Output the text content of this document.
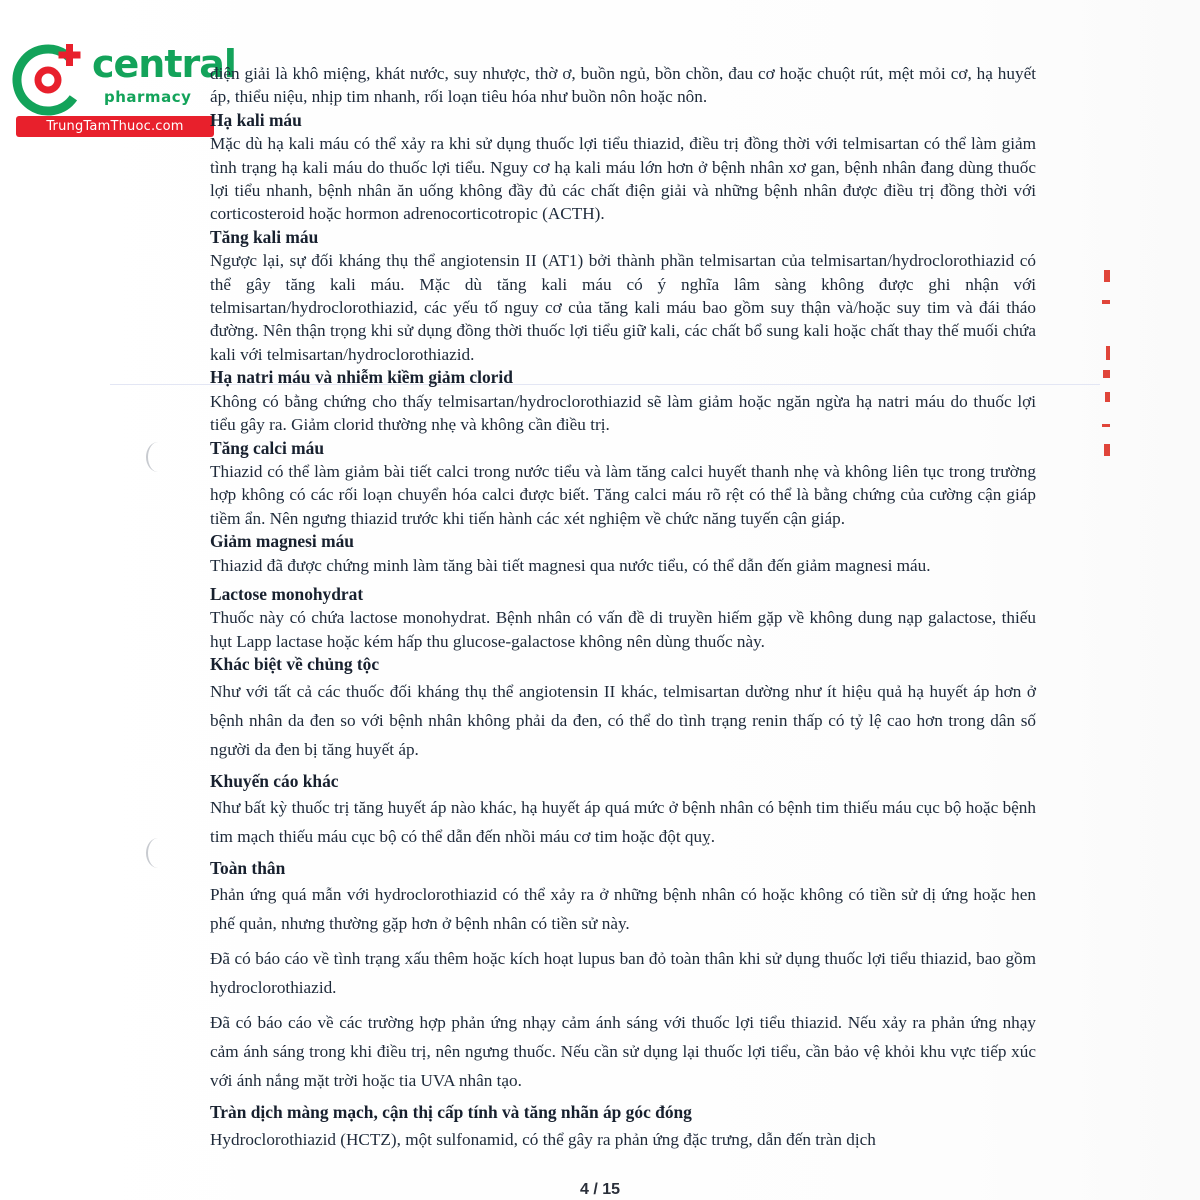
central
pharmacy
TrungTamThuoc.com

điện giải là khô miệng, khát nước, suy nhược, thờ ơ, buồn ngủ, bồn chồn, đau cơ hoặc chuột rút, mệt mỏi cơ, hạ huyết áp, thiểu niệu, nhịp tim nhanh, rối loạn tiêu hóa như buồn nôn hoặc nôn.

Hạ kali máu

Mặc dù hạ kali máu có thể xảy ra khi sử dụng thuốc lợi tiểu thiazid, điều trị đồng thời với telmisartan có thể làm giảm tình trạng hạ kali máu do thuốc lợi tiểu. Nguy cơ hạ kali máu lớn hơn ở bệnh nhân xơ gan, bệnh nhân đang dùng thuốc lợi tiểu nhanh, bệnh nhân ăn uống không đầy đủ các chất điện giải và những bệnh nhân được điều trị đồng thời với corticosteroid hoặc hormon adrenocorticotropic (ACTH).

Tăng kali máu

Ngược lại, sự đối kháng thụ thể angiotensin II (AT1) bởi thành phần telmisartan của telmisartan/hydroclorothiazid có thể gây tăng kali máu. Mặc dù tăng kali máu có ý nghĩa lâm sàng không được ghi nhận với telmisartan/hydroclorothiazid, các yếu tố nguy cơ của tăng kali máu bao gồm suy thận và/hoặc suy tim và đái tháo đường. Nên thận trọng khi sử dụng đồng thời thuốc lợi tiểu giữ kali, các chất bổ sung kali hoặc chất thay thế muối chứa kali với telmisartan/hydroclorothiazid.

Hạ natri máu và nhiễm kiềm giảm clorid

Không có bằng chứng cho thấy telmisartan/hydroclorothiazid sẽ làm giảm hoặc ngăn ngừa hạ natri máu do thuốc lợi tiểu gây ra. Giảm clorid thường nhẹ và không cần điều trị.

Tăng calci máu

Thiazid có thể làm giảm bài tiết calci trong nước tiểu và làm tăng calci huyết thanh nhẹ và không liên tục trong trường hợp không có các rối loạn chuyển hóa calci được biết. Tăng calci máu rõ rệt có thể là bằng chứng của cường cận giáp tiềm ẩn. Nên ngưng thiazid trước khi tiến hành các xét nghiệm về chức năng tuyến cận giáp.

Giảm magnesi máu

Thiazid đã được chứng minh làm tăng bài tiết magnesi qua nước tiểu, có thể dẫn đến giảm magnesi máu.

Lactose monohydrat

Thuốc này có chứa lactose monohydrat. Bệnh nhân có vấn đề di truyền hiếm gặp về không dung nạp galactose, thiếu hụt Lapp lactase hoặc kém hấp thu glucose-galactose không nên dùng thuốc này.

Khác biệt về chủng tộc

Như với tất cả các thuốc đối kháng thụ thể angiotensin II khác, telmisartan dường như ít hiệu quả hạ huyết áp hơn ở bệnh nhân da đen so với bệnh nhân không phải da đen, có thể do tình trạng renin thấp có tỷ lệ cao hơn trong dân số người da đen bị tăng huyết áp.

Khuyến cáo khác

Như bất kỳ thuốc trị tăng huyết áp nào khác, hạ huyết áp quá mức ở bệnh nhân có bệnh tim thiếu máu cục bộ hoặc bệnh tim mạch thiếu máu cục bộ có thể dẫn đến nhồi máu cơ tim hoặc đột quỵ.

Toàn thân

Phản ứng quá mẫn với hydroclorothiazid có thể xảy ra ở những bệnh nhân có hoặc không có tiền sử dị ứng hoặc hen phế quản, nhưng thường gặp hơn ở bệnh nhân có tiền sử này.

Đã có báo cáo về tình trạng xấu thêm hoặc kích hoạt lupus ban đỏ toàn thân khi sử dụng thuốc lợi tiểu thiazid, bao gồm hydroclorothiazid.

Đã có báo cáo về các trường hợp phản ứng nhạy cảm ánh sáng với thuốc lợi tiểu thiazid. Nếu xảy ra phản ứng nhạy cảm ánh sáng trong khi điều trị, nên ngưng thuốc. Nếu cần sử dụng lại thuốc lợi tiểu, cần bảo vệ khỏi khu vực tiếp xúc với ánh nắng mặt trời hoặc tia UVA nhân tạo.

Tràn dịch màng mạch, cận thị cấp tính và tăng nhãn áp góc đóng

Hydroclorothiazid (HCTZ), một sulfonamid, có thể gây ra phản ứng đặc trưng, dẫn đến tràn dịch

4 / 15
